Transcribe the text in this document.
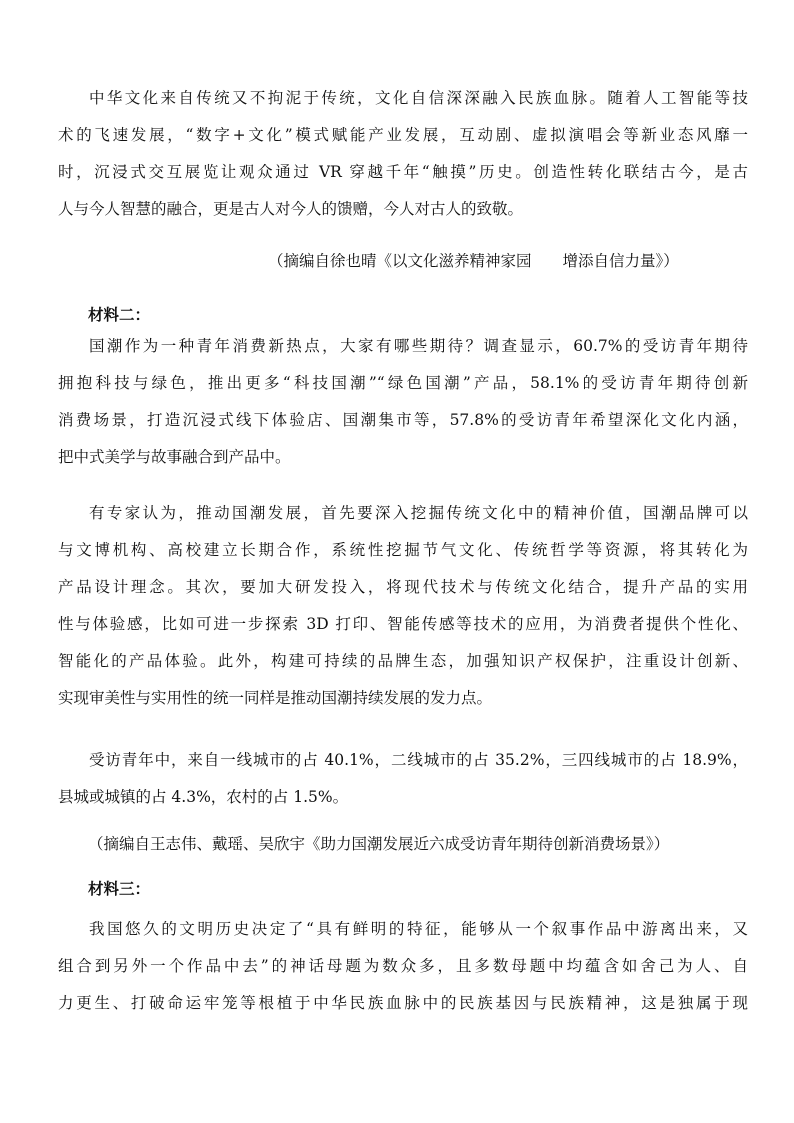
中华文化来自传统又不拘泥于传统，文化自信深深融入民族血脉。随着人工智能等技
术的飞速发展，“数字+文化”模式赋能产业发展，互动剧、虚拟演唱会等新业态风靡一
时，沉浸式交互展览让观众通过 VR 穿越千年“触摸”历史。创造性转化联结古今，是古
人与今人智慧的融合，更是古人对今人的馈赠，今人对古人的致敬。
（摘编自徐也晴《以文化滋养精神家园　　增添自信力量》）
材料二：
国潮作为一种青年消费新热点，大家有哪些期待？调查显示，60.7%的受访青年期待
拥抱科技与绿色，推出更多“科技国潮”“绿色国潮”产品，58.1%的受访青年期待创新
消费场景，打造沉浸式线下体验店、国潮集市等，57.8%的受访青年希望深化文化内涵，
把中式美学与故事融合到产品中。
有专家认为，推动国潮发展，首先要深入挖掘传统文化中的精神价值，国潮品牌可以
与文博机构、高校建立长期合作，系统性挖掘节气文化、传统哲学等资源，将其转化为
产品设计理念。其次，要加大研发投入，将现代技术与传统文化结合，提升产品的实用
性与体验感，比如可进一步探索 3D 打印、智能传感等技术的应用，为消费者提供个性化、
智能化的产品体验。此外，构建可持续的品牌生态，加强知识产权保护，注重设计创新、
实现审美性与实用性的统一同样是推动国潮持续发展的发力点。
受访青年中，来自一线城市的占 40.1%，二线城市的占 35.2%，三四线城市的占 18.9%，
县城或城镇的占 4.3%，农村的占 1.5%。
（摘编自王志伟、戴瑶、吴欣宇《助力国潮发展近六成受访青年期待创新消费场景》）
材料三：
我国悠久的文明历史决定了“具有鲜明的特征，能够从一个叙事作品中游离出来，又
组合到另外一个作品中去”的神话母题为数众多，且多数母题中均蕴含如舍己为人、自
力更生、打破命运牢笼等根植于中华民族血脉中的民族基因与民族精神，这是独属于现
